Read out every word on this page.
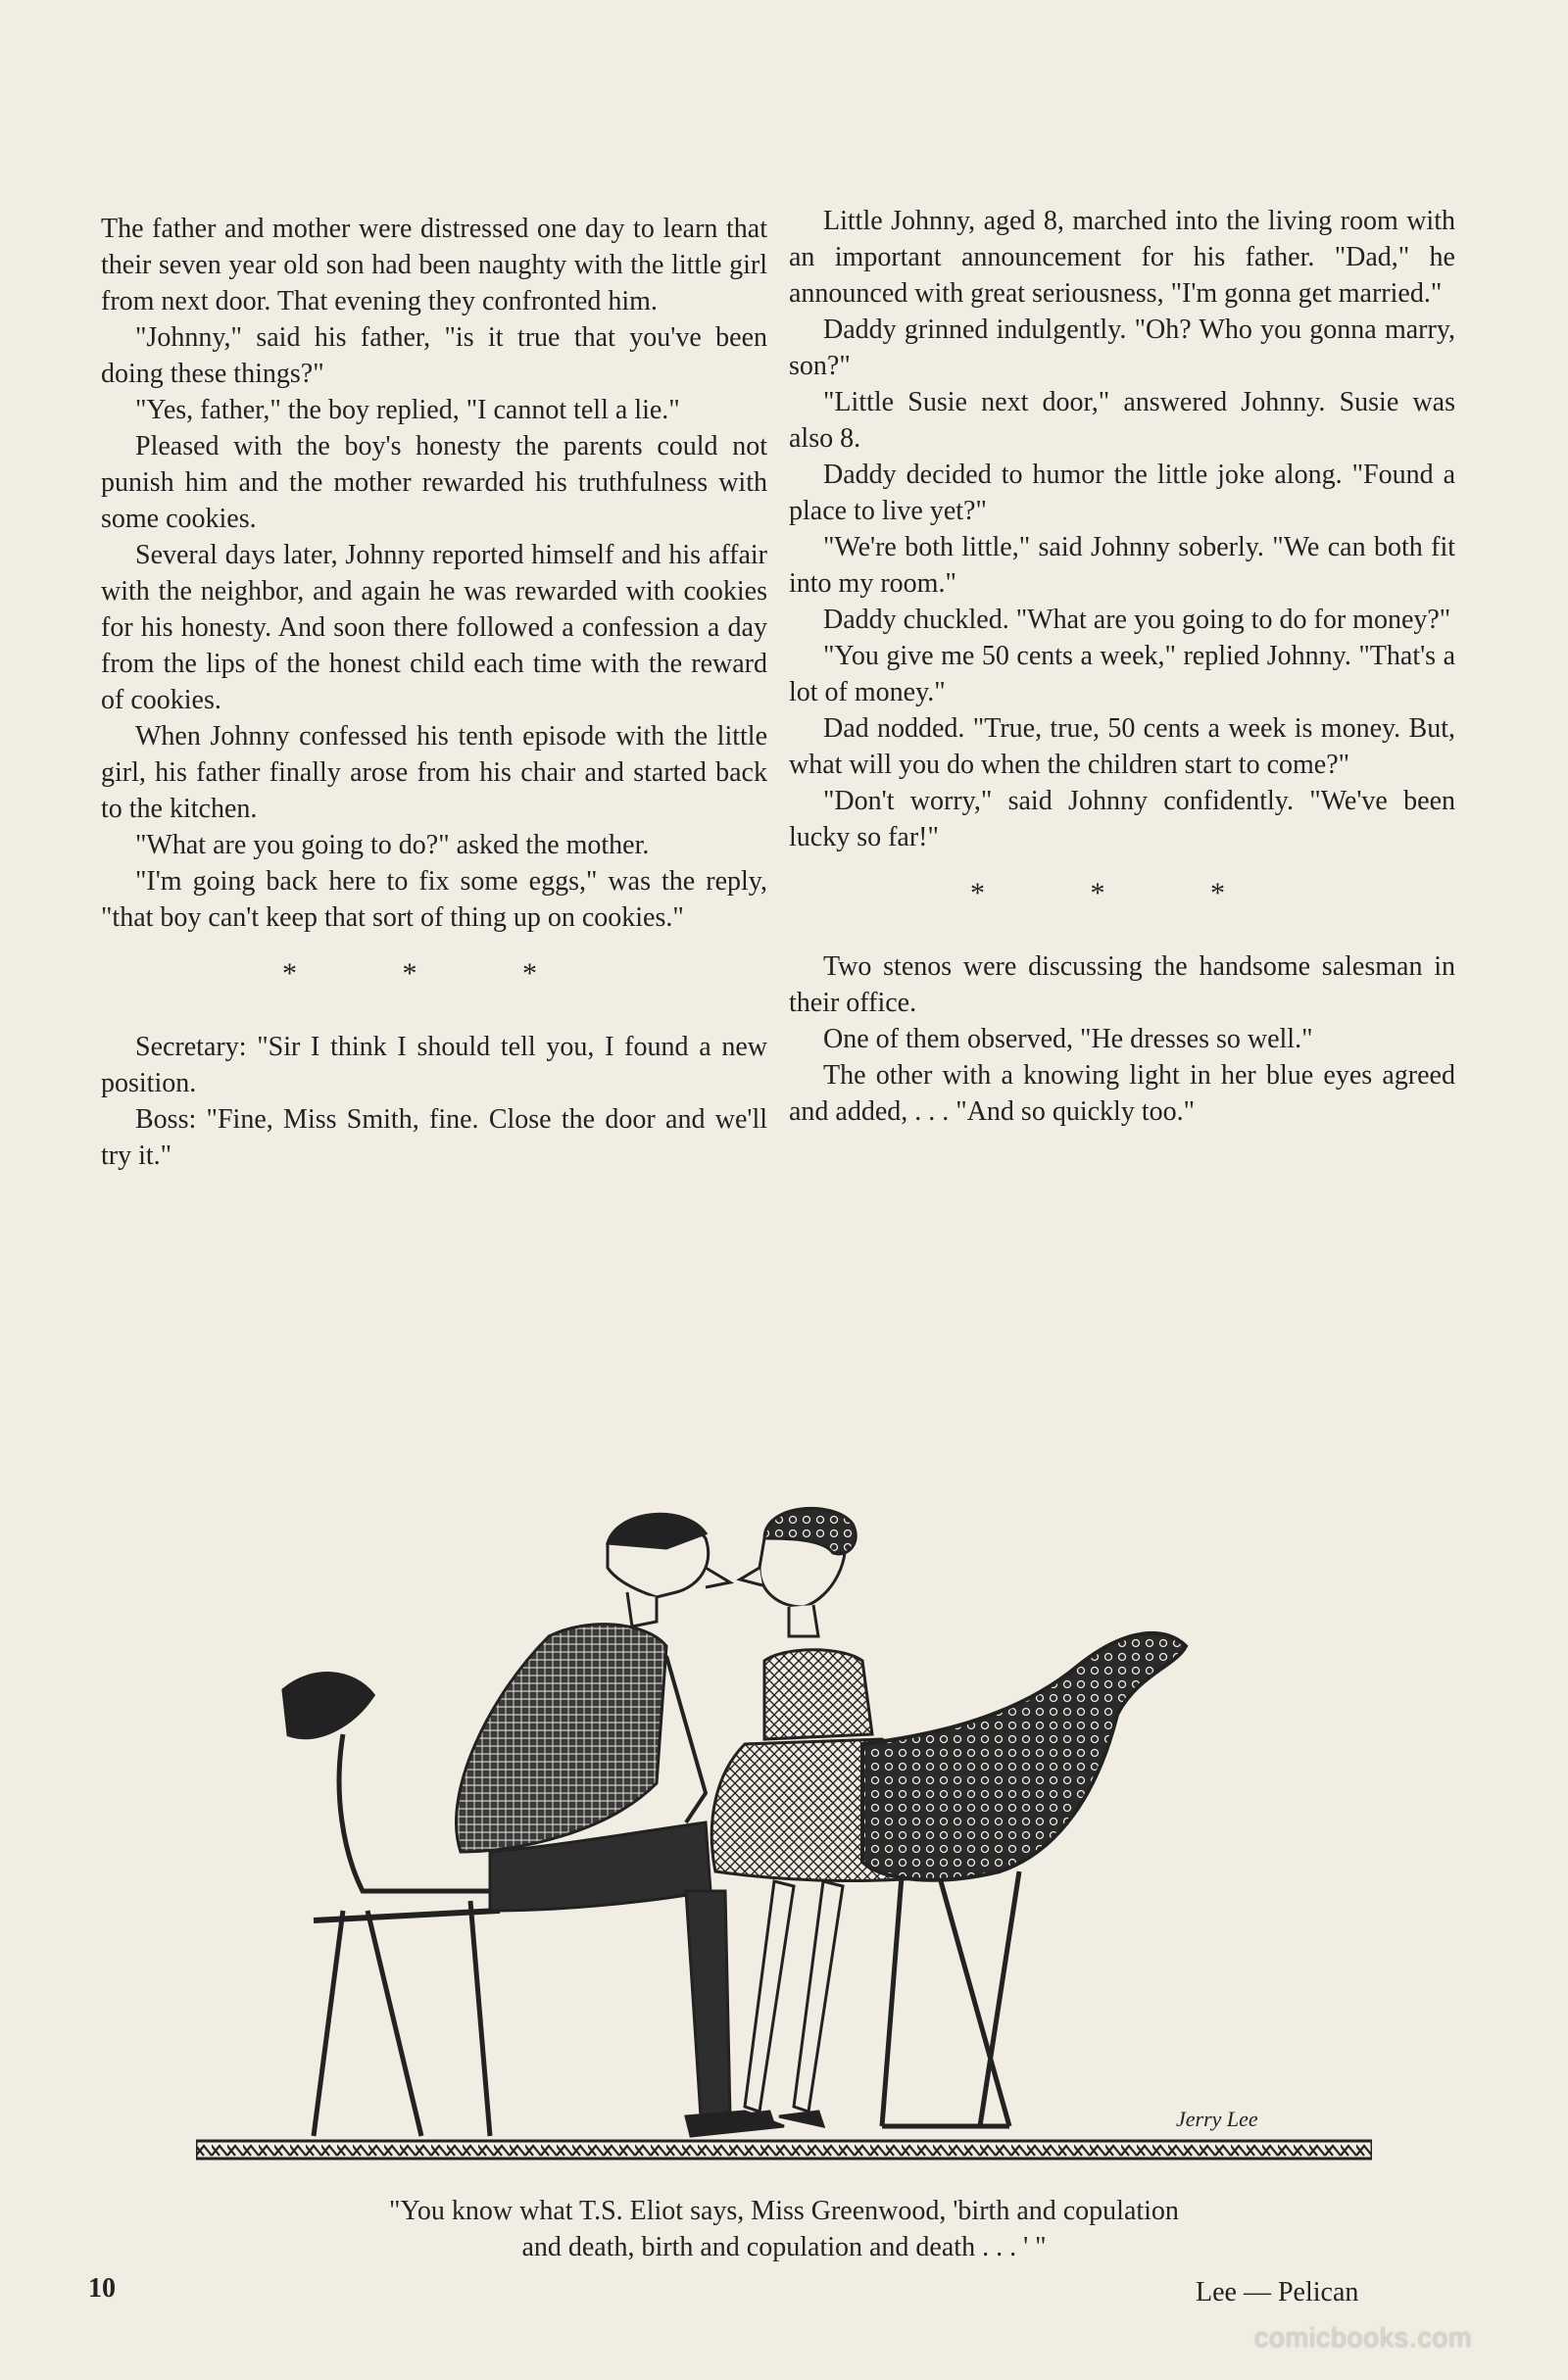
The father and mother were distressed one day to learn that their seven year old son had been naughty with the little girl from next door. That evening they confronted him.

"Johnny," said his father, "is it true that you've been doing these things?"

"Yes, father," the boy replied, "I cannot tell a lie."

Pleased with the boy's honesty the parents could not punish him and the mother rewarded his truthfulness with some cookies.

Several days later, Johnny reported himself and his affair with the neighbor, and again he was rewarded with cookies for his honesty. And soon there followed a confession a day from the lips of the honest child each time with the reward of cookies.

When Johnny confessed his tenth episode with the little girl, his father finally arose from his chair and started back to the kitchen.

"What are you going to do?" asked the mother.

"I'm going back here to fix some eggs," was the reply, "that boy can't keep that sort of thing up on cookies."

* * *

Secretary: "Sir I think I should tell you, I found a new position.

Boss: "Fine, Miss Smith, fine. Close the door and we'll try it."

Little Johnny, aged 8, marched into the living room with an important announcement for his father. "Dad," he announced with great seriousness, "I'm gonna get married."

Daddy grinned indulgently. "Oh? Who you gonna marry, son?"

"Little Susie next door," answered Johnny. Susie was also 8.

Daddy decided to humor the little joke along. "Found a place to live yet?"

"We're both little," said Johnny soberly. "We can both fit into my room."

Daddy chuckled. "What are you going to do for money?"

"You give me 50 cents a week," replied Johnny. "That's a lot of money."

Dad nodded. "True, true, 50 cents a week is money. But, what will you do when the children start to come?"

"Don't worry," said Johnny confidently. "We've been lucky so far!"

* * *

Two stenos were discussing the handsome salesman in their office.

One of them observed, "He dresses so well."

The other with a knowing light in her blue eyes agreed and added, . . . "And so quickly too."

Jerry Lee
"You know what T.S. Eliot says, Miss Greenwood, 'birth and copulation
and death, birth and copulation and death . . . ' "
10	Lee — Pelican
comicbooks.com
